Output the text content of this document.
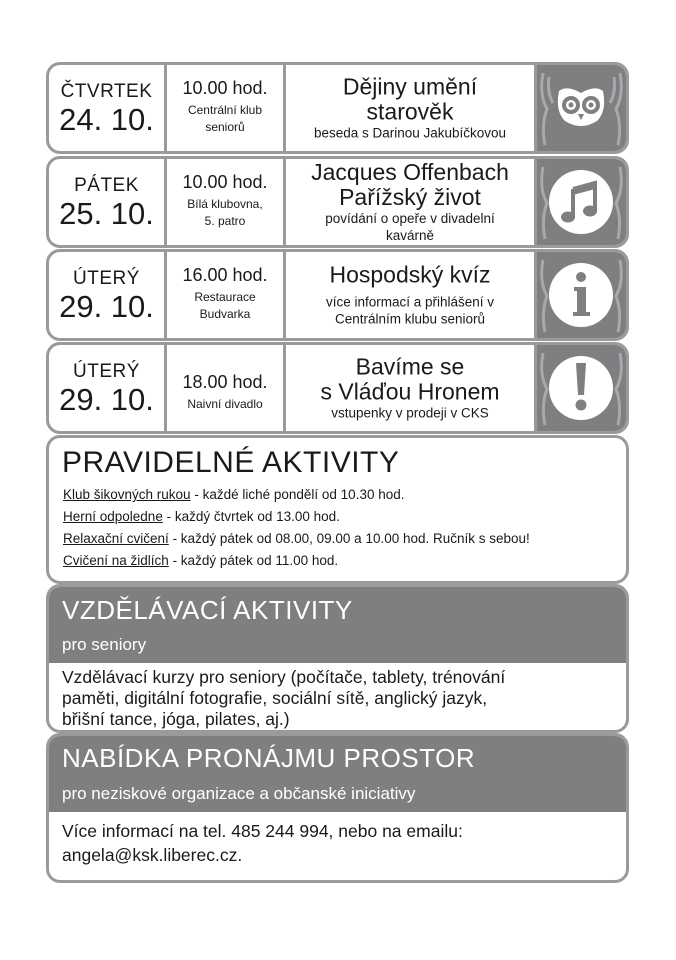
ČTVRTEK
24. 10.
10.00 hod.
Centrální klub
seniorů
Dějiny umění
starověk
beseda s Darinou Jakubíčkovou
PÁTEK
25. 10.
10.00 hod.
Bílá klubovna,
5. patro
Jacques Offenbach
Pařížský život
povídání o opeře v divadelní
kavárně
ÚTERÝ
29. 10.
16.00 hod.
Restaurace
Budvarka
Hospodský kvíz
více informací a přihlášení v
Centrálním klubu seniorů
ÚTERÝ
29. 10.	18.00 hod.
Naivní divadlo
Bavíme se
s Vláďou Hronem
vstupenky v prodeji v CKS
PRAVIDELNÉ AKTIVITY
Klub šikovných rukou - každé liché pondělí od 10.30 hod.
Herní odpoledne - každý čtvrtek od 13.00 hod.
Relaxační cvičení - každý pátek od 08.00, 09.00 a 10.00 hod. Ručník s sebou!
Cvičení na židlích - každý pátek od 11.00 hod.
VZDĚLÁVACÍ AKTIVITY
pro seniory
Vzdělávací kurzy pro seniory (počítače, tablety, trénování
paměti, digitální fotografie, sociální sítě, anglický jazyk,
břišní tance, jóga, pilates, aj.)
NABÍDKA PRONÁJMU PROSTOR
pro neziskové organizace a občanské iniciativy
Více informací na tel. 485 244 994, nebo na emailu:
angela@ksk.liberec.cz.
